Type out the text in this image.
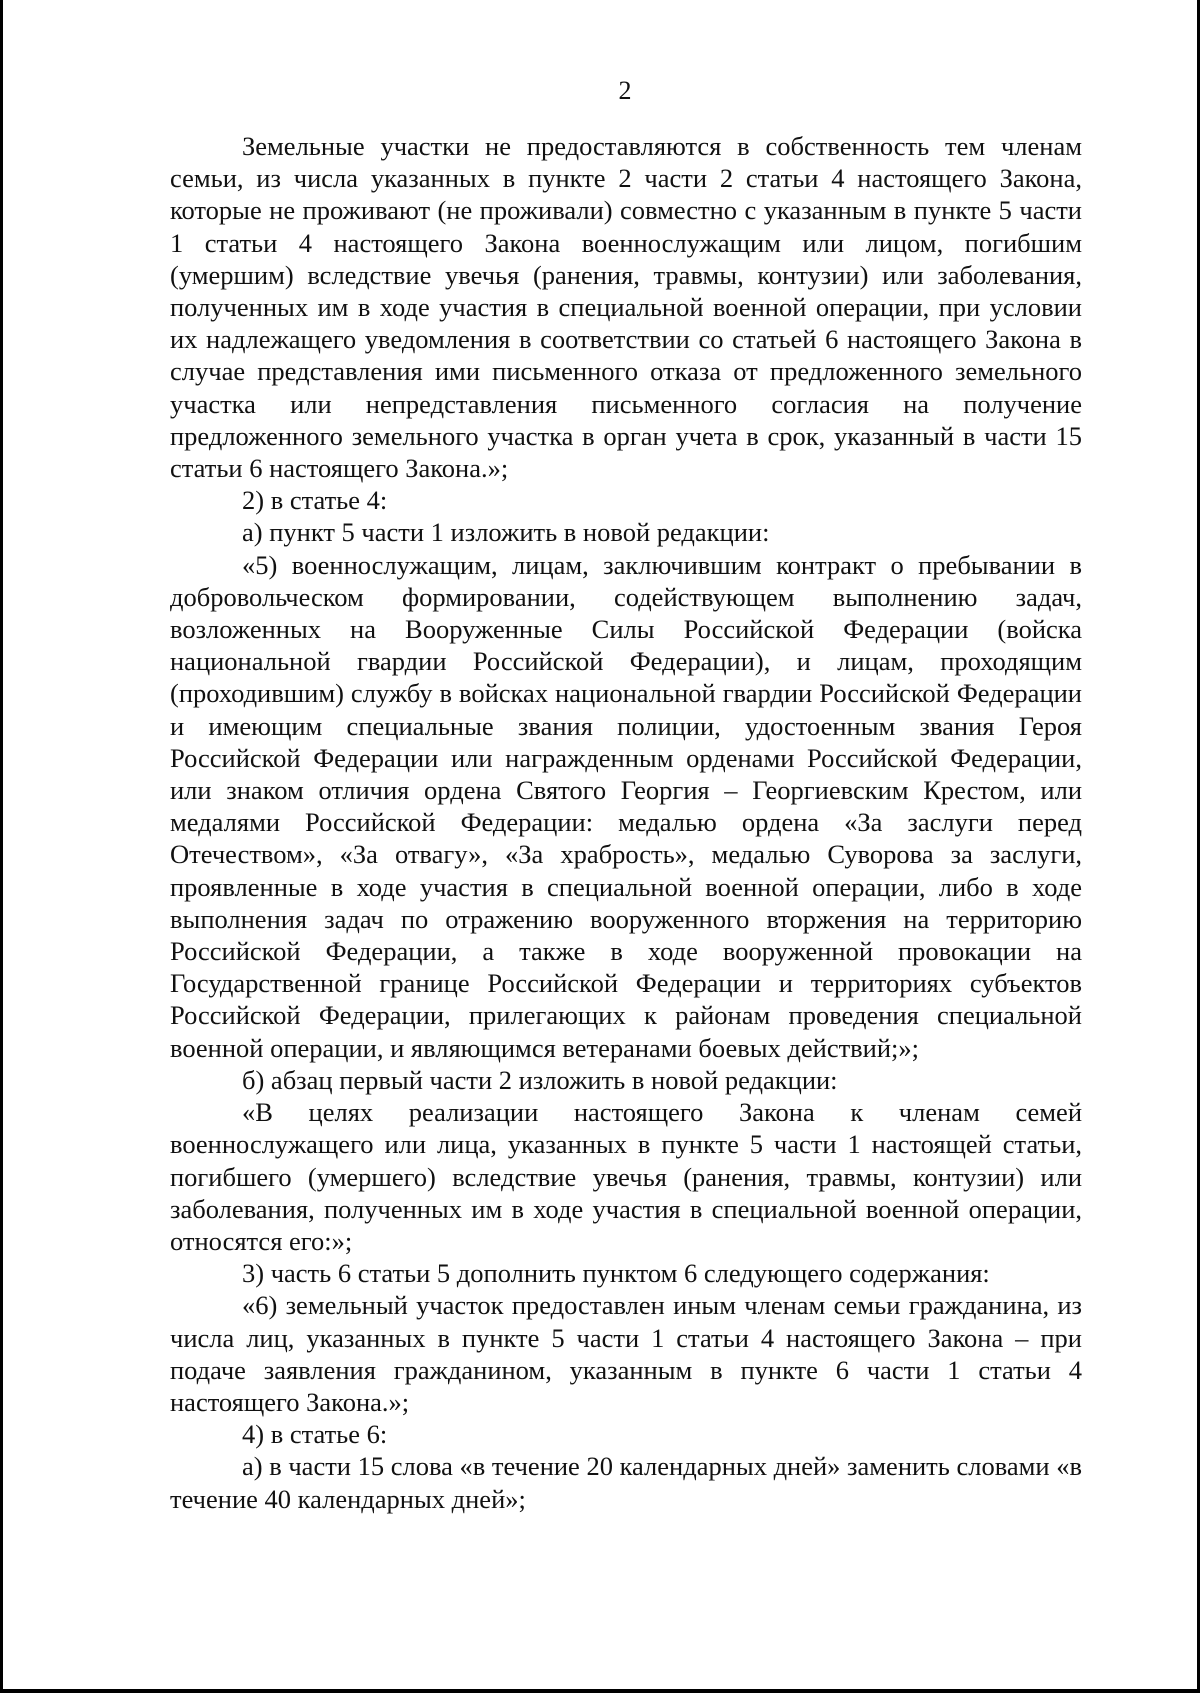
2

Земельные участки не предоставляются в собственность тем членам семьи, из числа указанных в пункте 2 части 2 статьи 4 настоящего Закона, которые не проживают (не проживали) совместно с указанным в пункте 5 части 1 статьи 4 настоящего Закона военнослужащим или лицом, погибшим (умершим) вследствие увечья (ранения, травмы, контузии) или заболевания, полученных им в ходе участия в специальной военной операции, при условии их надлежащего уведомления в соответствии со статьей 6 настоящего Закона в случае представления ими письменного отказа от предложенного земельного участка или непредставления письменного согласия на получение предложенного земельного участка в орган учета в срок, указанный в части 15 статьи 6 настоящего Закона.»;

2) в статье 4:

а) пункт 5 части 1 изложить в новой редакции:

«5) военнослужащим, лицам, заключившим контракт о пребывании в добровольческом формировании, содействующем выполнению задач, возложенных на Вооруженные Силы Российской Федерации (войска национальной гвардии Российской Федерации), и лицам, проходящим (проходившим) службу в войсках национальной гвардии Российской Федерации и имеющим специальные звания полиции, удостоенным звания Героя Российской Федерации или награжденным орденами Российской Федерации, или знаком отличия ордена Святого Георгия – Георгиевским Крестом, или медалями Российской Федерации: медалью ордена «За заслуги перед Отечеством», «За отвагу», «За храбрость», медалью Суворова за заслуги, проявленные в ходе участия в специальной военной операции, либо в ходе выполнения задач по отражению вооруженного вторжения на территорию Российской Федерации, а также в ходе вооруженной провокации на Государственной границе Российской Федерации и территориях субъектов Российской Федерации, прилегающих к районам проведения специальной военной операции, и являющимся ветеранами боевых действий;»;

б) абзац первый части 2 изложить в новой редакции:

«В целях реализации настоящего Закона к членам семей военнослужащего или лица, указанных в пункте 5 части 1 настоящей статьи, погибшего (умершего) вследствие увечья (ранения, травмы, контузии) или заболевания, полученных им в ходе участия в специальной военной операции, относятся его:»;

3) часть 6 статьи 5 дополнить пунктом 6 следующего содержания:

«6) земельный участок предоставлен иным членам семьи гражданина, из числа лиц, указанных в пункте 5 части 1 статьи 4 настоящего Закона – при подаче заявления гражданином, указанным в пункте 6 части 1 статьи 4 настоящего Закона.»;

4) в статье 6:

а) в части 15 слова «в течение 20 календарных дней» заменить словами «в течение 40 календарных дней»;
